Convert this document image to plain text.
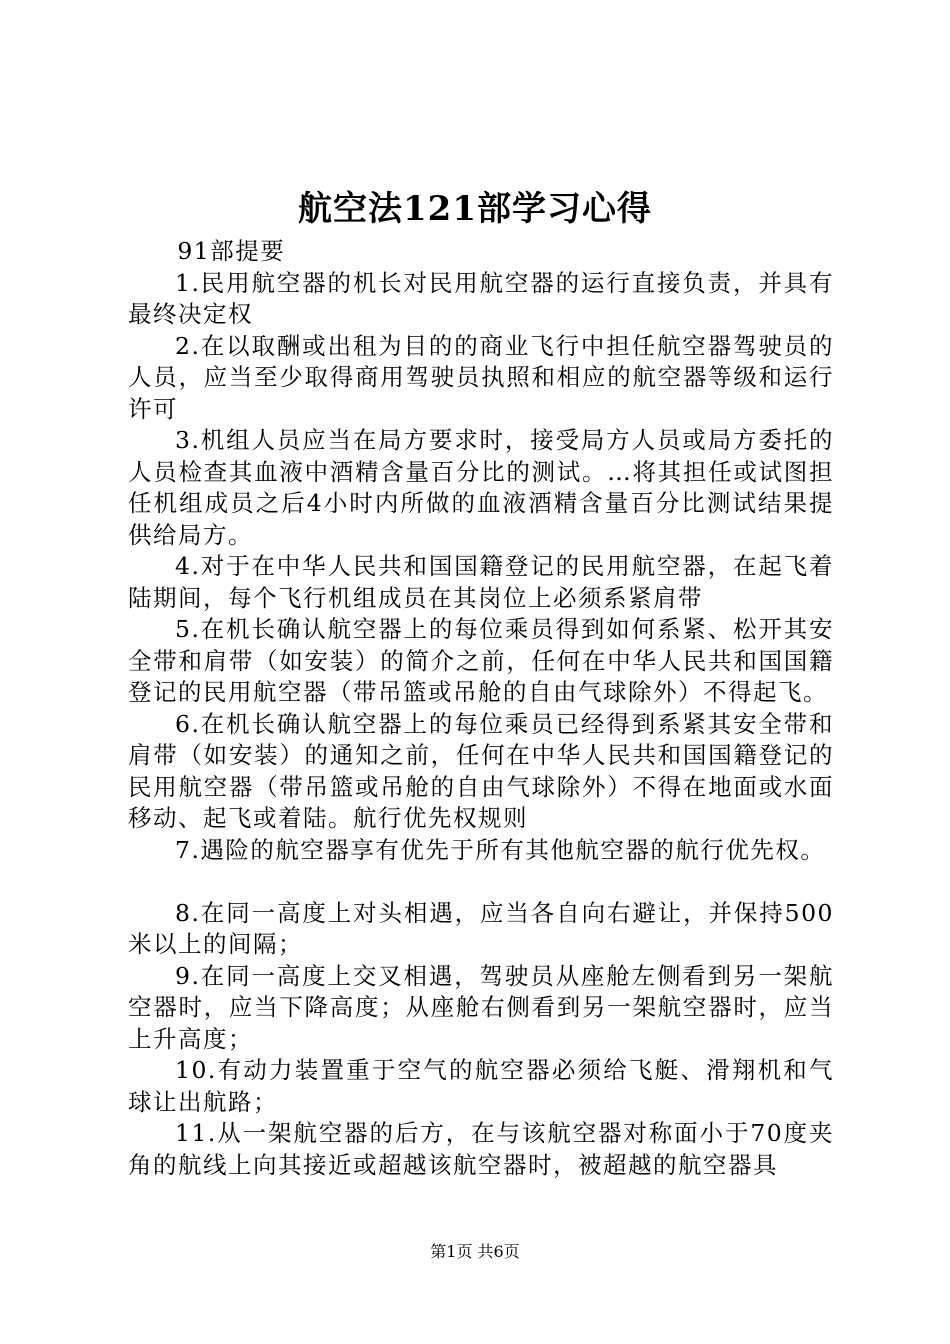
航空法121部学习心得

91部提要

1.民用航空器的机长对民用航空器的运行直接负责，并具有最终决定权

2.在以取酬或出租为目的的商业飞行中担任航空器驾驶员的人员，应当至少取得商用驾驶员执照和相应的航空器等级和运行许可

3.机组人员应当在局方要求时，接受局方人员或局方委托的人员检查其血液中酒精含量百分比的测试。…将其担任或试图担任机组成员之后4小时内所做的血液酒精含量百分比测试结果提供给局方。

4.对于在中华人民共和国国籍登记的民用航空器，在起飞着陆期间，每个飞行机组成员在其岗位上必须系紧肩带

5.在机长确认航空器上的每位乘员得到如何系紧、松开其安全带和肩带（如安装）的简介之前，任何在中华人民共和国国籍登记的民用航空器（带吊篮或吊舱的自由气球除外）不得起飞。

6.在机长确认航空器上的每位乘员已经得到系紧其安全带和肩带（如安装）的通知之前，任何在中华人民共和国国籍登记的民用航空器（带吊篮或吊舱的自由气球除外）不得在地面或水面移动、起飞或着陆。航行优先权规则

7.遇险的航空器享有优先于所有其他航空器的航行优先权。

8.在同一高度上对头相遇，应当各自向右避让，并保持500米以上的间隔；

9.在同一高度上交叉相遇，驾驶员从座舱左侧看到另一架航空器时，应当下降高度；从座舱右侧看到另一架航空器时，应当上升高度；

10.有动力装置重于空气的航空器必须给飞艇、滑翔机和气球让出航路；

11.从一架航空器的后方，在与该航空器对称面小于70度夹角的航线上向其接近或超越该航空器时，被超越的航空器具

第1页 共6页
